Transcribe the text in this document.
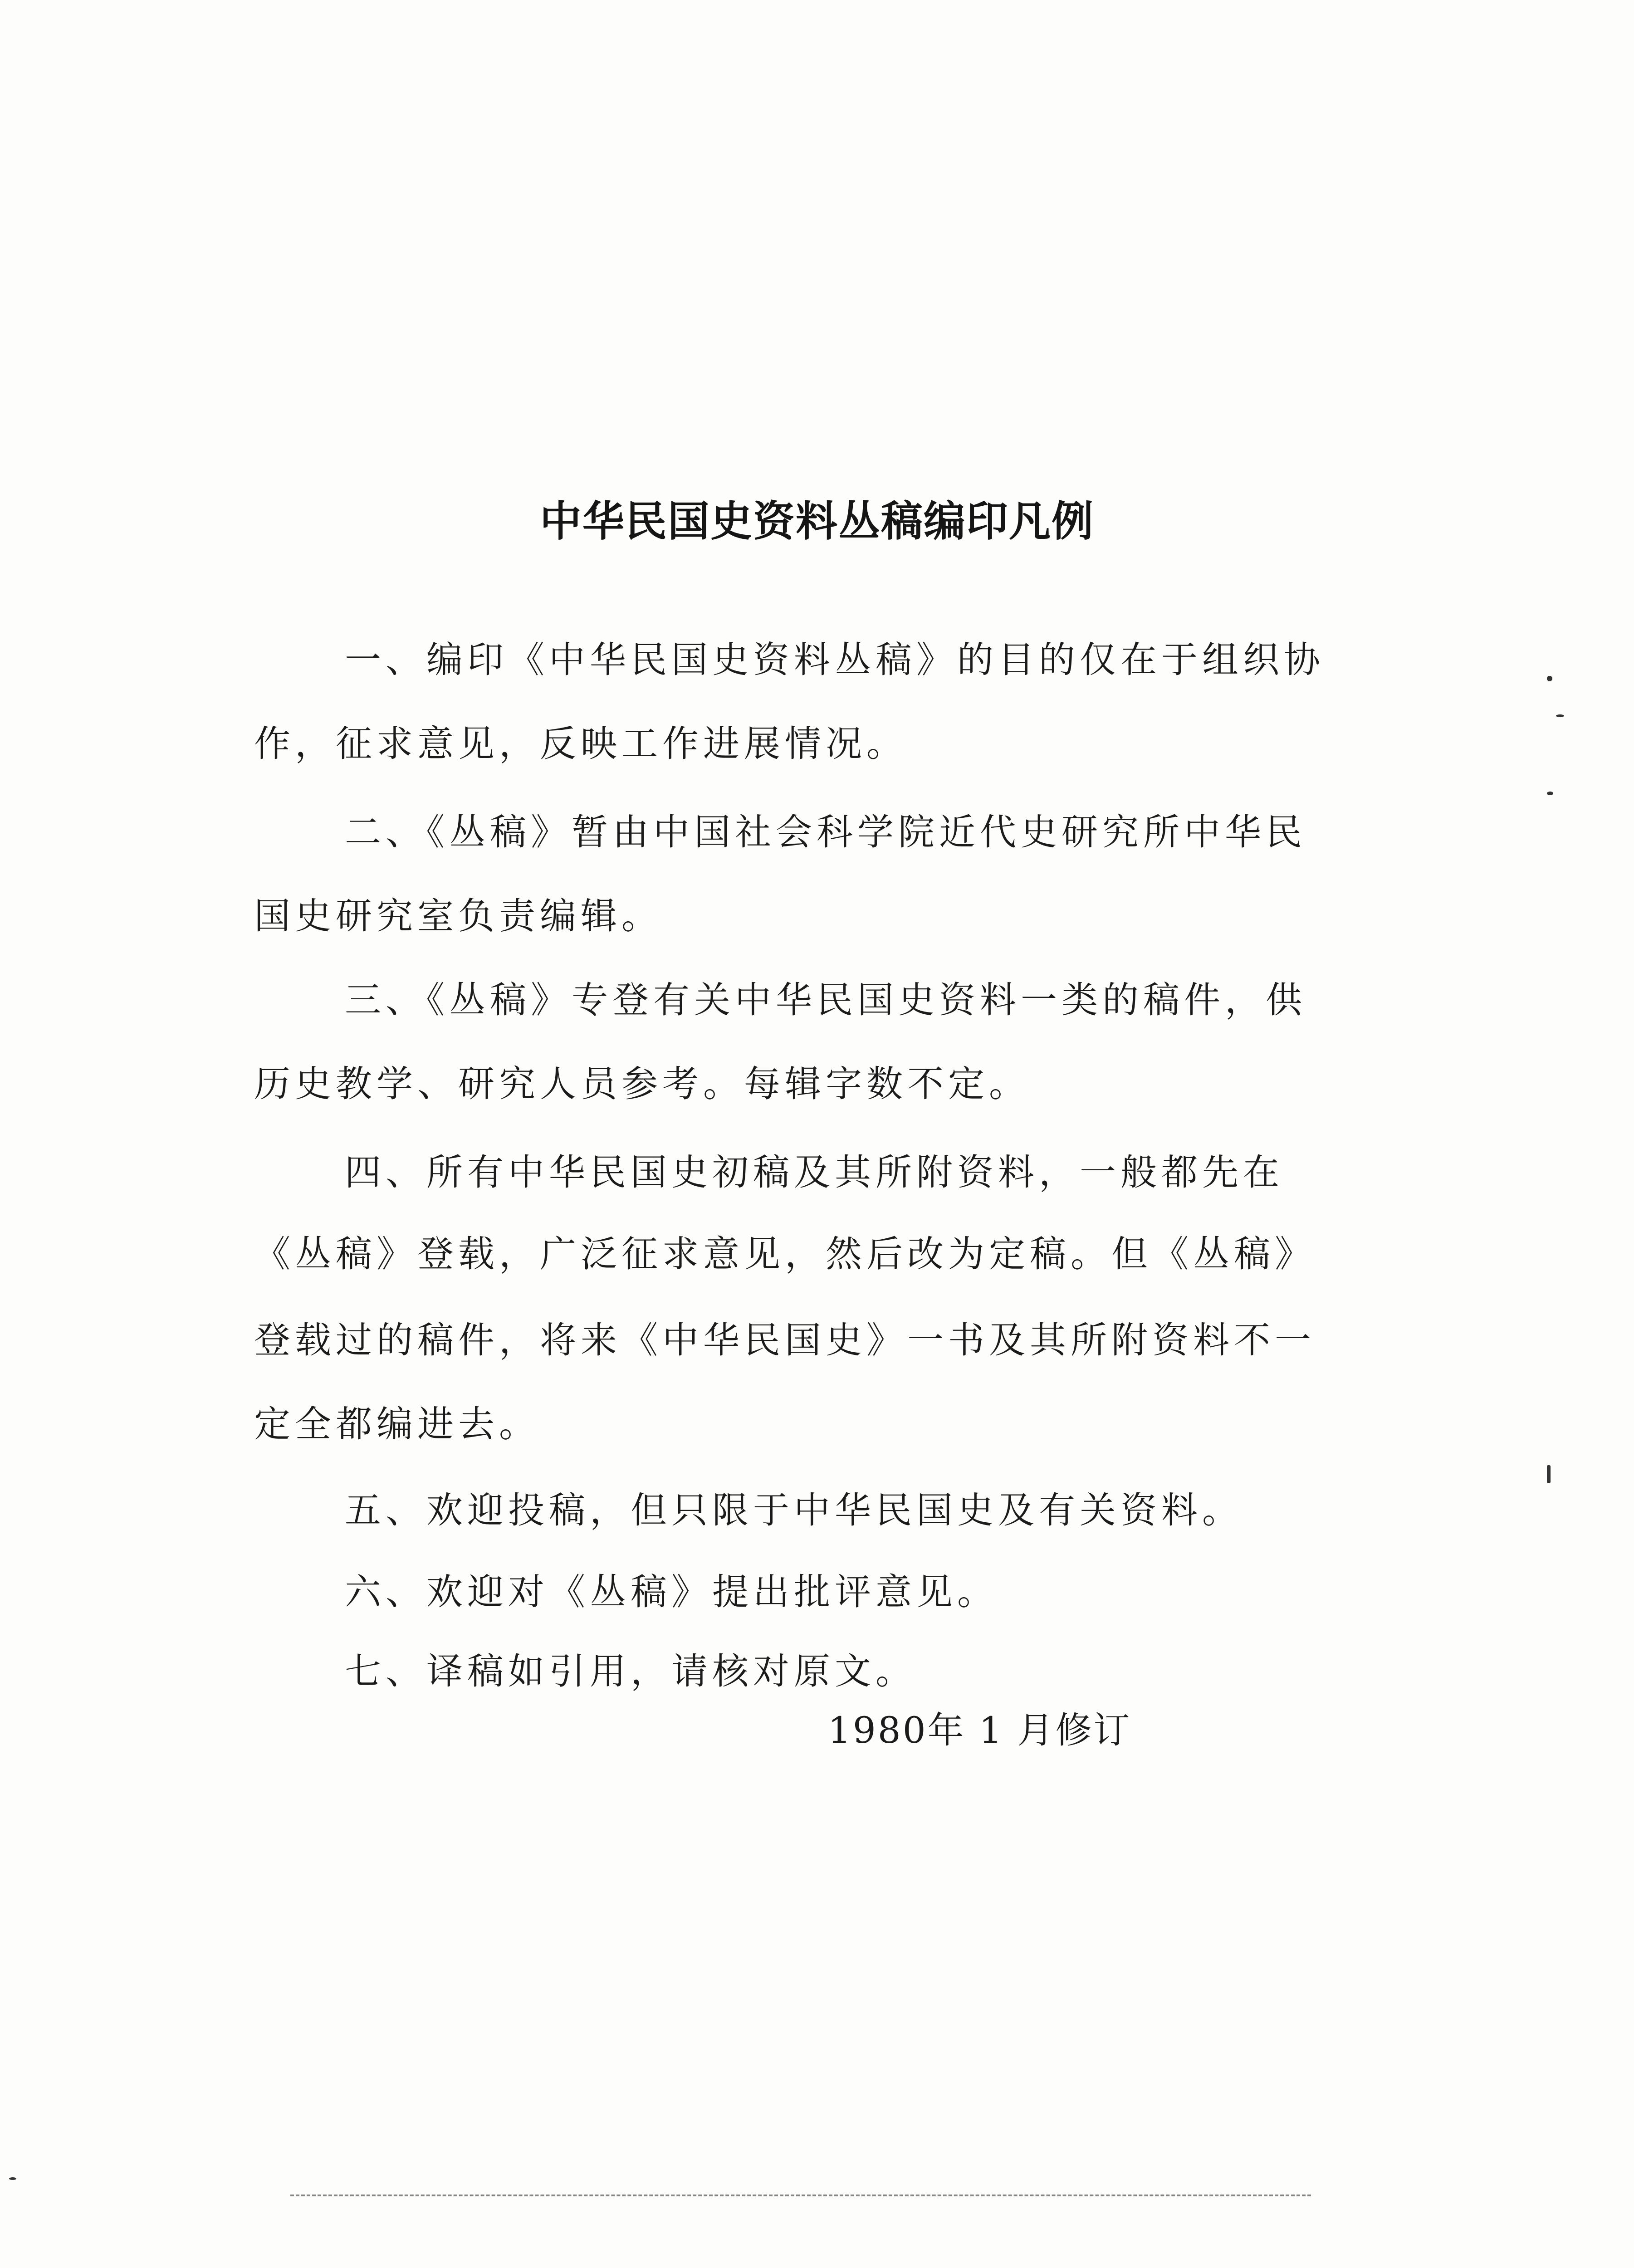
中华民国史资料丛稿编印凡例
一、编印《中华民国史资料丛稿》的目的仅在于组织协
作，征求意见，反映工作进展情况。
二、《丛稿》暂由中国社会科学院近代史研究所中华民
国史研究室负责编辑。
三、《丛稿》专登有关中华民国史资料一类的稿件，供
历史教学、研究人员参考。每辑字数不定。
四、所有中华民国史初稿及其所附资料，一般都先在
《丛稿》登载，广泛征求意见，然后改为定稿。但《丛稿》
登载过的稿件，将来《中华民国史》一书及其所附资料不一
定全都编进去。
五、欢迎投稿，但只限于中华民国史及有关资料。
六、欢迎对《丛稿》提出批评意见。
七、译稿如引用，请核对原文。
1980年 1 月修订
